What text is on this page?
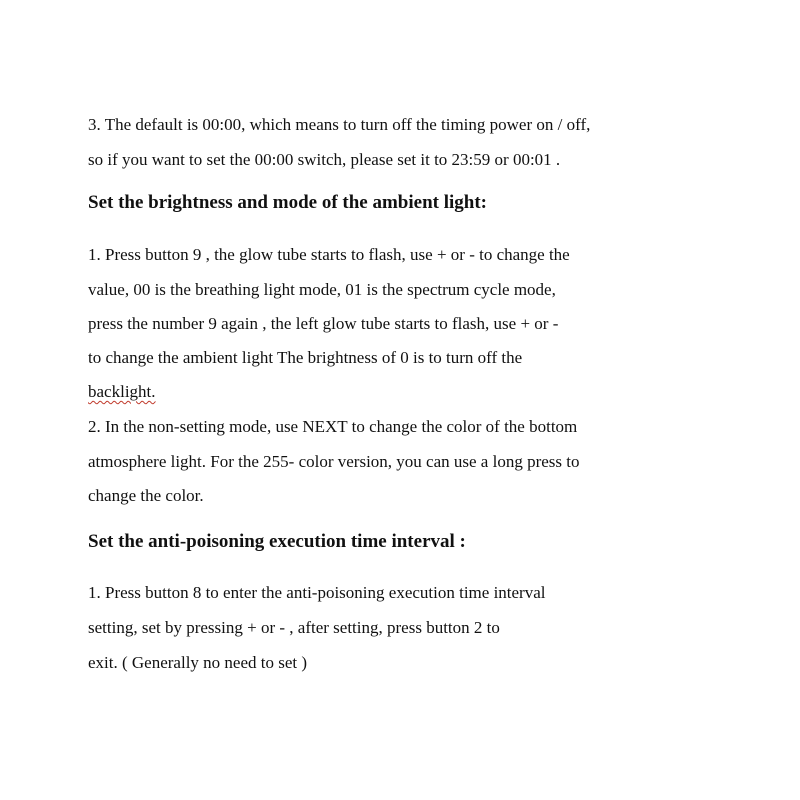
3. The default is 00:00, which means to turn off the timing power on / off,
so if you want to set the 00:00 switch, please set it to 23:59 or 00:01 .
Set the brightness and mode of the ambient light:
1. Press button 9 , the glow tube starts to flash, use + or - to change the
value, 00 is the breathing light mode, 01 is the spectrum cycle mode,
press the number 9 again , the left glow tube starts to flash, use + or -
to change the ambient light The brightness of 0 is to turn off the
backlight.
2. In the non-setting mode, use NEXT to change the color of the bottom
atmosphere light. For the 255- color version, you can use a long press to
change the color.
Set the anti-poisoning execution time interval :
1. Press button 8 to enter the anti-poisoning execution time interval
setting, set by pressing + or - , after setting, press button 2 to
exit. ( Generally no need to set )
